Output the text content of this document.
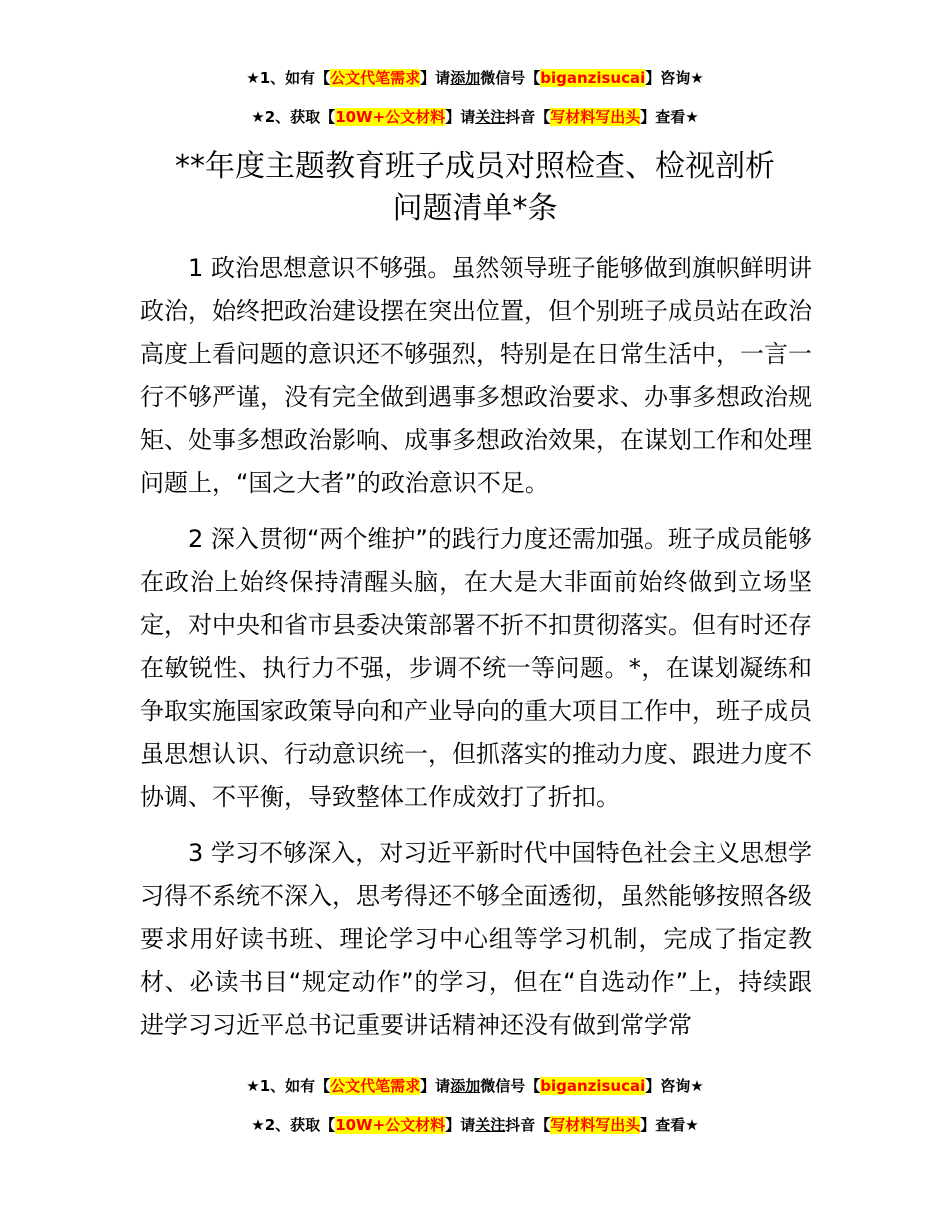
★1、如有【公文代笔需求】请添加微信号【biganzisucai】咨询★
★2、获取【10W+公文材料】请关注抖音【写材料写出头】查看★
**年度主题教育班子成员对照检查、检视剖析
问题清单*条

1 政治思想意识不够强。虽然领导班子能够做到旗帜鲜明讲政治，始终把政治建设摆在突出位置，但个别班子成员站在政治高度上看问题的意识还不够强烈，特别是在日常生活中，一言一行不够严谨，没有完全做到遇事多想政治要求、办事多想政治规矩、处事多想政治影响、成事多想政治效果，在谋划工作和处理问题上，“国之大者”的政治意识不足。

2 深入贯彻“两个维护”的践行力度还需加强。班子成员能够在政治上始终保持清醒头脑，在大是大非面前始终做到立场坚定，对中央和省市县委决策部署不折不扣贯彻落实。但有时还存在敏锐性、执行力不强，步调不统一等问题。*，在谋划凝练和争取实施国家政策导向和产业导向的重大项目工作中，班子成员虽思想认识、行动意识统一，但抓落实的推动力度、跟进力度不协调、不平衡，导致整体工作成效打了折扣。

3 学习不够深入，对习近平新时代中国特色社会主义思想学习得不系统不深入，思考得还不够全面透彻，虽然能够按照各级要求用好读书班、理论学习中心组等学习机制，完成了指定教材、必读书目“规定动作”的学习，但在“自选动作”上，持续跟进学习习近平总书记重要讲话精神还没有做到常学常

★1、如有【公文代笔需求】请添加微信号【biganzisucai】咨询★
★2、获取【10W+公文材料】请关注抖音【写材料写出头】查看★
